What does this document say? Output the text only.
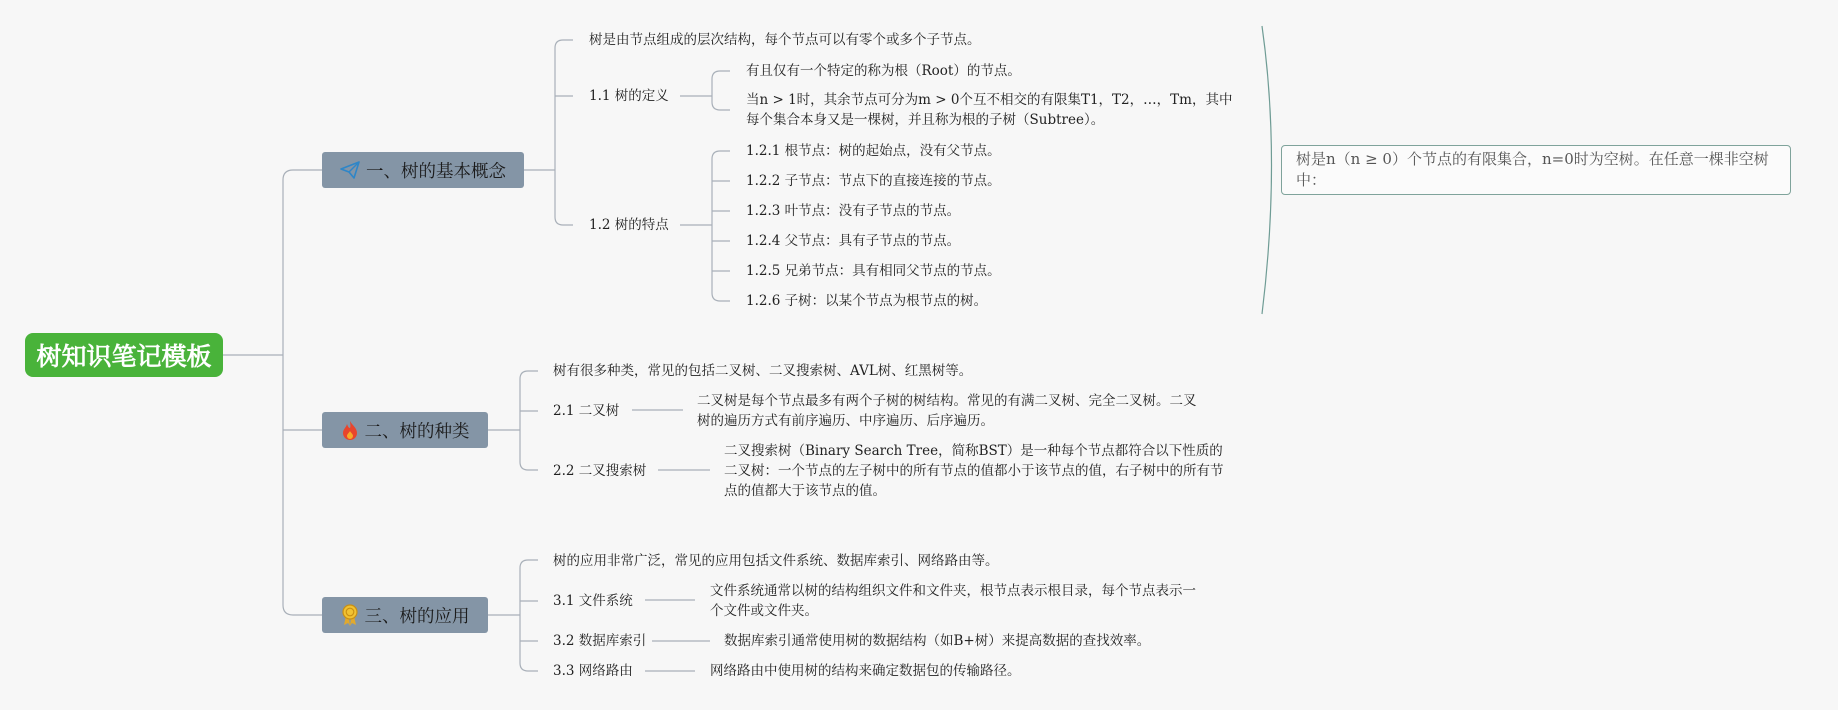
树知识笔记模板
一、树的基本概念
树是由节点组成的层次结构，每个节点可以有零个或多个子节点。
1.1 树的定义
有且仅有一个特定的称为根（Root）的节点。
当n > 1时，其余节点可分为m > 0个互不相交的有限集T1，T2，…，Tm，其中每个集合本身又是一棵树，并且称为根的子树（Subtree）。
1.2 树的特点
1.2.1 根节点：树的起始点，没有父节点。
1.2.2 子节点：节点下的直接连接的节点。
1.2.3 叶节点：没有子节点的节点。
1.2.4 父节点：具有子节点的节点。
1.2.5 兄弟节点：具有相同父节点的节点。
1.2.6 子树：以某个节点为根节点的树。
树是n（n ≥ 0）个节点的有限集合，n=0时为空树。在任意一棵非空树中：
二、树的种类
树有很多种类，常见的包括二叉树、二叉搜索树、AVL树、红黑树等。
2.1 二叉树
二叉树是每个节点最多有两个子树的树结构。常见的有满二叉树、完全二叉树。二叉树的遍历方式有前序遍历、中序遍历、后序遍历。
2.2 二叉搜索树
二叉搜索树（Binary Search Tree，简称BST）是一种每个节点都符合以下性质的二叉树：一个节点的左子树中的所有节点的值都小于该节点的值，右子树中的所有节点的值都大于该节点的值。
三、树的应用
树的应用非常广泛，常见的应用包括文件系统、数据库索引、网络路由等。
3.1 文件系统
文件系统通常以树的结构组织文件和文件夹，根节点表示根目录，每个节点表示一个文件或文件夹。
3.2 数据库索引	数据库索引通常使用树的数据结构（如B+树）来提高数据的查找效率。
3.3 网络路由	网络路由中使用树的结构来确定数据包的传输路径。
